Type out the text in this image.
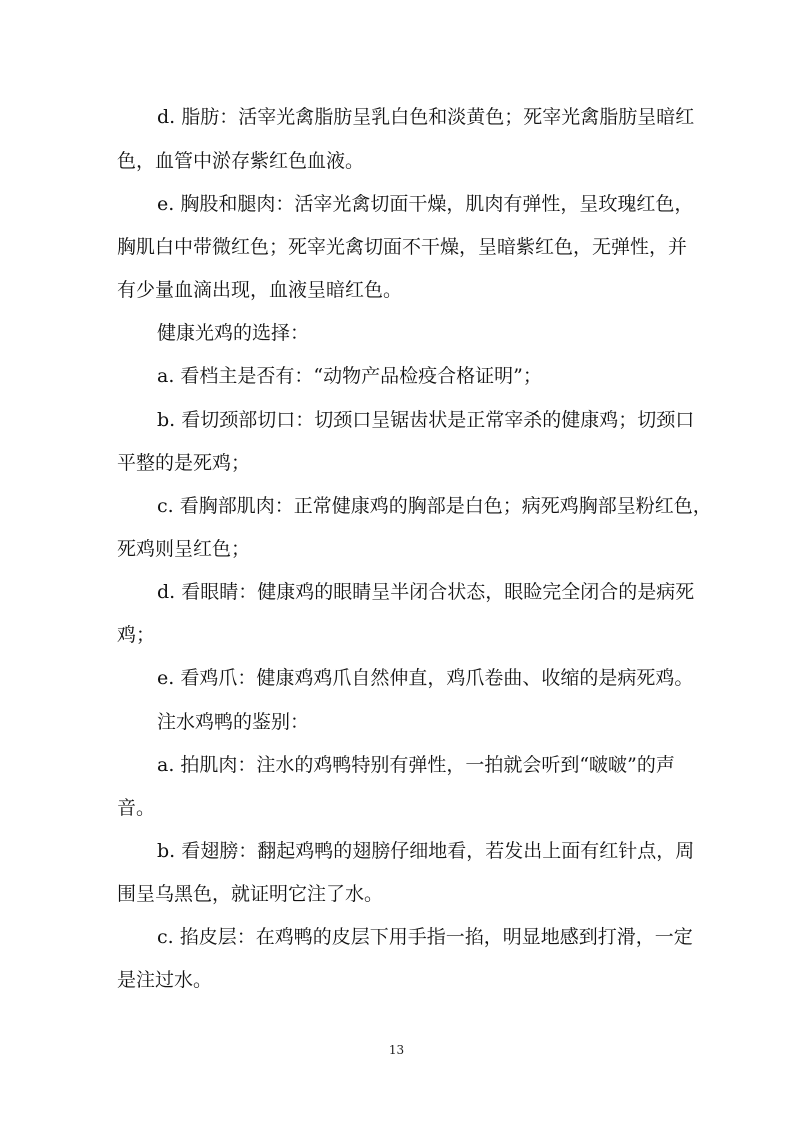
d. 脂肪：活宰光禽脂肪呈乳白色和淡黄色；死宰光禽脂肪呈暗红

色，血管中淤存紫红色血液。

e. 胸股和腿肉：活宰光禽切面干燥，肌肉有弹性，呈玫瑰红色，

胸肌白中带微红色；死宰光禽切面不干燥，呈暗紫红色，无弹性，并

有少量血滴出现，血液呈暗红色。

健康光鸡的选择：

a. 看档主是否有：“动物产品检疫合格证明”；

b. 看切颈部切口：切颈口呈锯齿状是正常宰杀的健康鸡；切颈口

平整的是死鸡；

c. 看胸部肌肉：正常健康鸡的胸部是白色；病死鸡胸部呈粉红色，

死鸡则呈红色；

d. 看眼睛：健康鸡的眼睛呈半闭合状态，眼睑完全闭合的是病死

鸡；

e. 看鸡爪：健康鸡鸡爪自然伸直，鸡爪卷曲、收缩的是病死鸡。

注水鸡鸭的鉴别：

a. 拍肌肉：注水的鸡鸭特别有弹性，一拍就会听到“啵啵”的声

音。

b. 看翅膀：翻起鸡鸭的翅膀仔细地看，若发出上面有红针点，周

围呈乌黑色，就证明它注了水。

c. 掐皮层：在鸡鸭的皮层下用手指一掐，明显地感到打滑，一定

是注过水。

13
